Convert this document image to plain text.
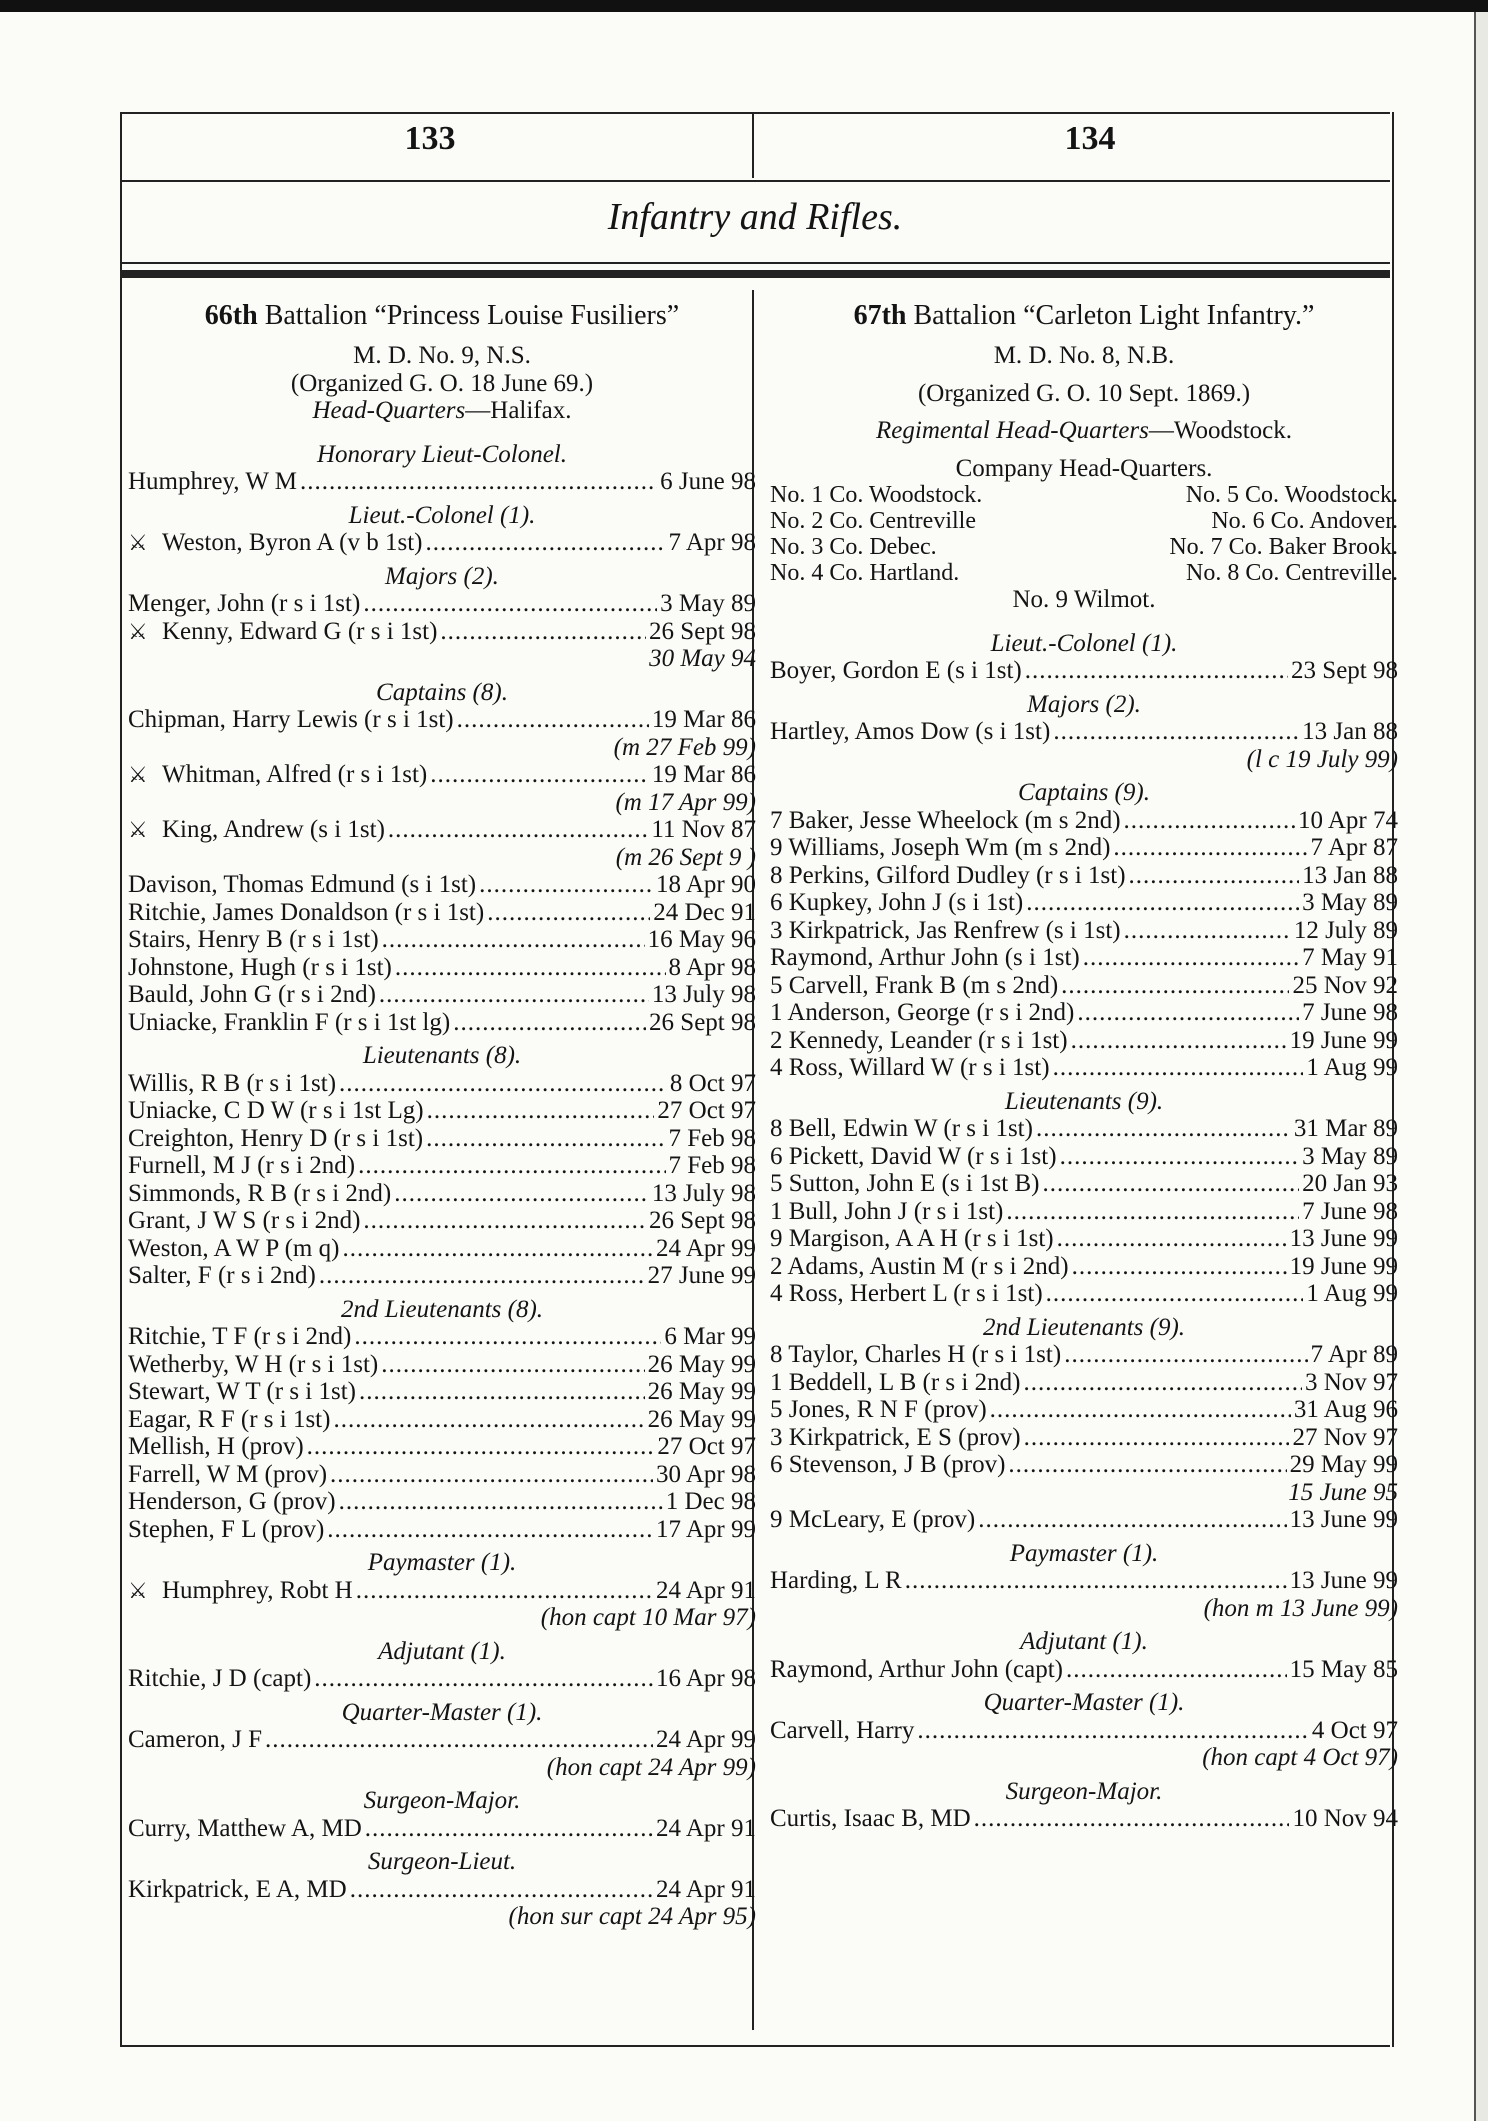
133	134
Infantry and Rifles.
66th Battalion “Princess Louise Fusiliers”
M. D. No. 9, N.S.
(Organized G. O. 18 June 69.)
Head-Quarters—Halifax.
Honorary Lieut-Colonel.
Humphrey, W M .....	6 June 98
Lieut.-Colonel (1).
⚔ Weston, Byron A (v b 1st) .....	7 Apr 98
Majors (2).
Menger, John (r s i 1st) .....	3 May 89
⚔ Kenny, Edward G (r s i 1st) .....	26 Sept 98
30 May 94
Captains (8).
Chipman, Harry Lewis (r s i 1st) .....	19 Mar 86
(m 27 Feb 99)
⚔ Whitman, Alfred (r s i 1st) .....	19 Mar 86
(m 17 Apr 99)
⚔ King, Andrew (s i 1st) .....	11 Nov 87
(m 26 Sept 9 )
Davison, Thomas Edmund (s i 1st) .....	18 Apr 90
Ritchie, James Donaldson (r s i 1st) .....	24 Dec 91
Stairs, Henry B (r s i 1st) .....	16 May 96
Johnstone, Hugh (r s i 1st) .....	8 Apr 98
Bauld, John G (r s i 2nd) .....	13 July 98
Uniacke, Franklin F (r s i 1st lg) .....	26 Sept 98
Lieutenants (8).
Willis, R B (r s i 1st) .....	8 Oct 97
Uniacke, C D W (r s i 1st Lg) .....	27 Oct 97
Creighton, Henry D (r s i 1st) .....	7 Feb 98
Furnell, M J (r s i 2nd) .....	7 Feb 98
Simmonds, R B (r s i 2nd) .....	13 July 98
Grant, J W S (r s i 2nd) .....	26 Sept 98
Weston, A W P (m q) .....	24 Apr 99
Salter, F (r s i 2nd) .....	27 June 99
2nd Lieutenants (8).
Ritchie, T F (r s i 2nd) .....	6 Mar 99
Wetherby, W H (r s i 1st) .....	26 May 99
Stewart, W T (r s i 1st) .....	26 May 99
Eagar, R F (r s i 1st) .....	26 May 99
Mellish, H (prov) .....	27 Oct 97
Farrell, W M (prov) .....	30 Apr 98
Henderson, G (prov) .....	1 Dec 98
Stephen, F L (prov) .....	17 Apr 99
Paymaster (1).
⚔ Humphrey, Robt H .....	24 Apr 91
(hon capt 10 Mar 97)
Adjutant (1).
Ritchie, J D (capt) .....	16 Apr 98
Quarter-Master (1).
Cameron, J F .....	24 Apr 99
(hon capt 24 Apr 99)
Surgeon-Major.
Curry, Matthew A, MD .....	24 Apr 91
Surgeon-Lieut.
Kirkpatrick, E A, MD .....	24 Apr 91
(hon sur capt 24 Apr 95)
67th Battalion “Carleton Light Infantry.”
M. D. No. 8, N.B.
(Organized G. O. 10 Sept. 1869.)
Regimental Head-Quarters—Woodstock.
Company Head-Quarters.
No. 1 Co. Woodstock.	No. 5 Co. Woodstock.
No. 2 Co. Centreville	No. 6 Co. Andover.
No. 3 Co. Debec.	No. 7 Co. Baker Brook.
No. 4 Co. Hartland.	No. 8 Co. Centreville.
No. 9 Wilmot.
Lieut.-Colonel (1).
Boyer, Gordon E (s i 1st) .....	23 Sept 98
Majors (2).
Hartley, Amos Dow (s i 1st) .....	13 Jan 88
(l c 19 July 99)
Captains (9).
7 Baker, Jesse Wheelock (m s 2nd) .....	10 Apr 74
9 Williams, Joseph Wm (m s 2nd) .....	7 Apr 87
8 Perkins, Gilford Dudley (r s i 1st) .....	13 Jan 88
6 Kupkey, John J (s i 1st) .....	3 May 89
3 Kirkpatrick, Jas Renfrew (s i 1st) .....	12 July 89
Raymond, Arthur John (s i 1st) .....	7 May 91
5 Carvell, Frank B (m s 2nd) .....	25 Nov 92
1 Anderson, George (r s i 2nd) .....	7 June 98
2 Kennedy, Leander (r s i 1st) .....	19 June 99
4 Ross, Willard W (r s i 1st) .....	1 Aug 99
Lieutenants (9).
8 Bell, Edwin W (r s i 1st) .....	31 Mar 89
6 Pickett, David W (r s i 1st) .....	3 May 89
5 Sutton, John E (s i 1st B) .....	20 Jan 93
1 Bull, John J (r s i 1st) .....	7 June 98
9 Margison, A A H (r s i 1st) .....	13 June 99
2 Adams, Austin M (r s i 2nd) .....	19 June 99
4 Ross, Herbert L (r s i 1st) .....	1 Aug 99
2nd Lieutenants (9).
8 Taylor, Charles H (r s i 1st) .....	7 Apr 89
1 Beddell, L B (r s i 2nd) .....	3 Nov 97
5 Jones, R N F (prov) .....	31 Aug 96
3 Kirkpatrick, E S (prov) .....	27 Nov 97
6 Stevenson, J B (prov) .....	29 May 99
15 June 95
9 McLeary, E (prov) .....	13 June 99
Paymaster (1).
Harding, L R .....	13 June 99
(hon m 13 June 99)
Adjutant (1).
Raymond, Arthur John (capt) .....	15 May 85
Quarter-Master (1).
Carvell, Harry .....	4 Oct 97
(hon capt 4 Oct 97)
Surgeon-Major.
Curtis, Isaac B, MD .....	10 Nov 94
